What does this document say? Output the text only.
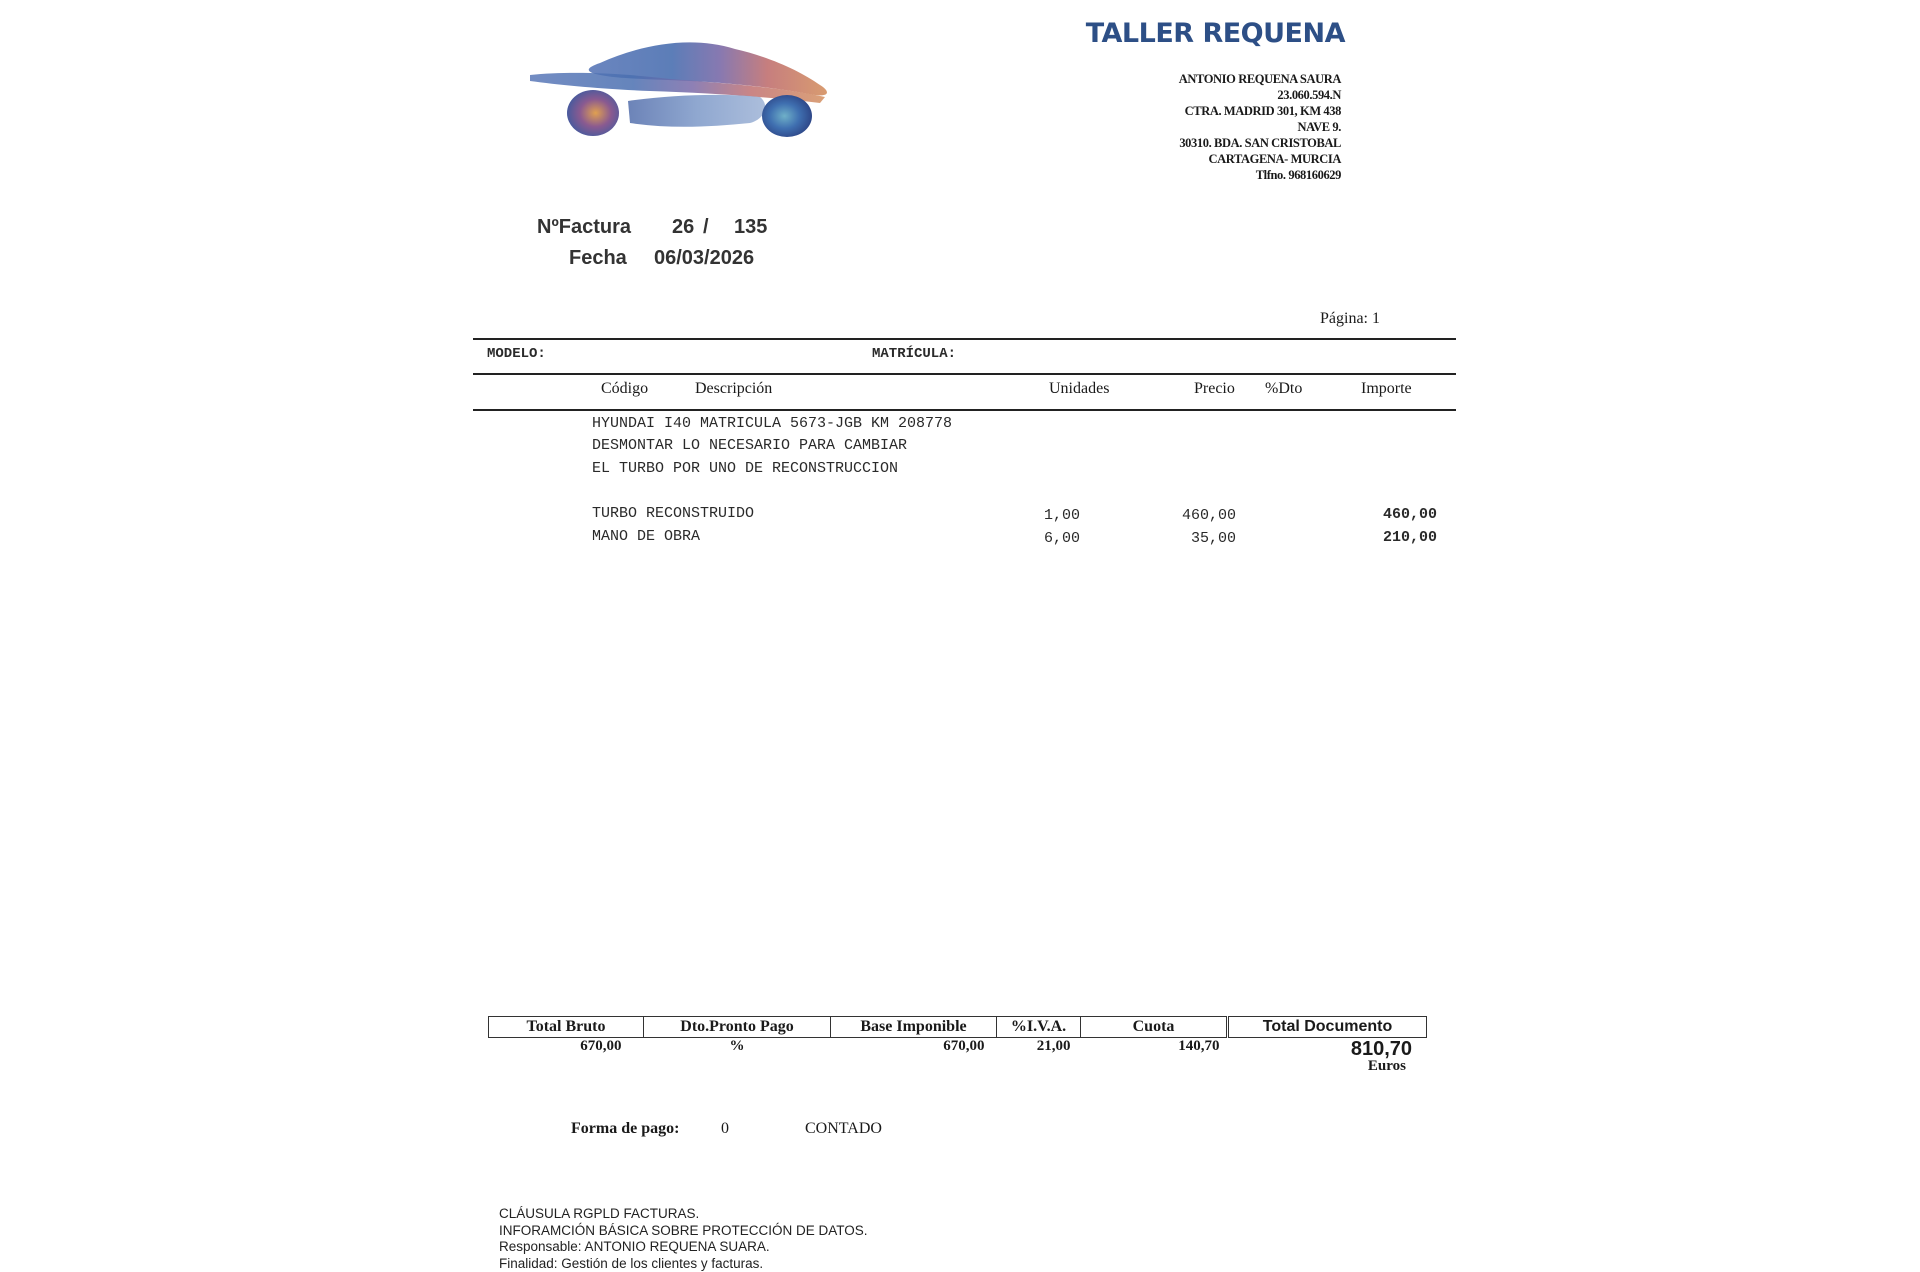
TALLER REQUENA
ANTONIO REQUENA SAURA
23.060.594.N
CTRA. MADRID 301, KM 438
NAVE 9.
30310. BDA. SAN CRISTOBAL
CARTAGENA- MURCIA
Tlfno. 968160629
NºFactura 26 / 135
Fecha 06/03/2026
Página: 1
MODELO:	MATRÍCULA:
Código	Descripción	Unidades	Precio %Dto	Importe
HYUNDAI I40 MATRICULA 5673-JGB KM 208778
DESMONTAR LO NECESARIO PARA CAMBIAR
EL TURBO POR UNO DE RECONSTRUCCION
TURBO RECONSTRUIDO	1,00	460,00	460,00
MANO DE OBRA	6,00	35,00	210,00
Total Bruto	Dto.Pronto Pago	Base Imponible	%I.V.A.	Cuota	Total Documento
670,00	%	670,00	21,00	140,70		810,70
Euros
Forma de pago:	0	CONTADO
CLÁUSULA RGPLD FACTURAS.
INFORAMCIÓN BÁSICA SOBRE PROTECCIÓN DE DATOS.
Responsable: ANTONIO REQUENA SUARA.
Finalidad: Gestión de los clientes y facturas.
